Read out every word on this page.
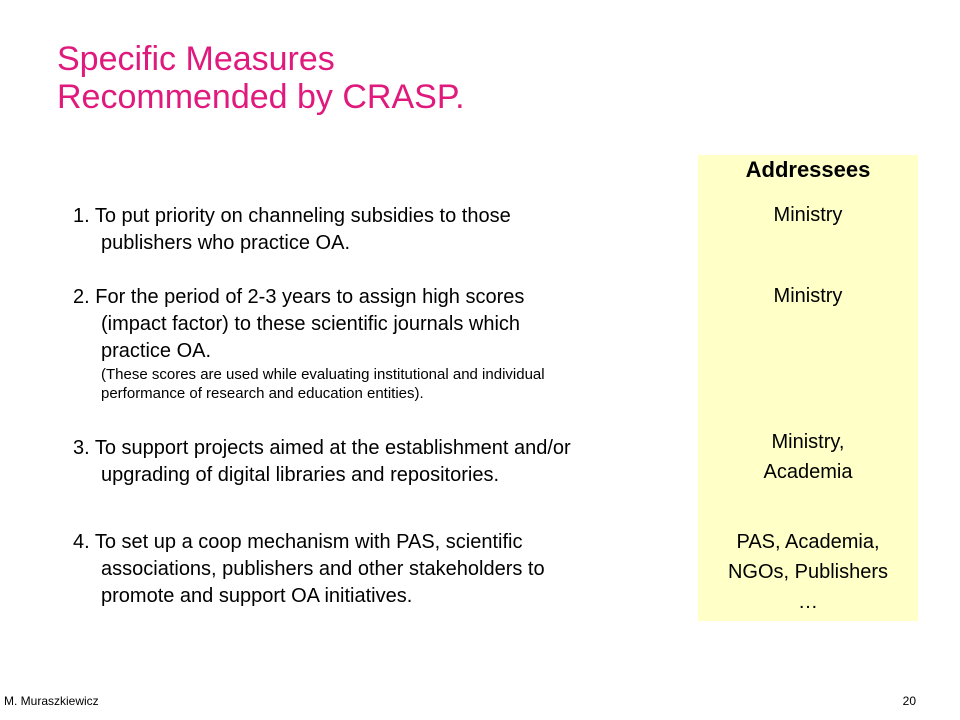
Specific Measures
Recommended by CRASP.
Addressees
Ministry
Ministry
Ministry,
Academia
PAS, Academia,
NGOs, Publishers
…
1. To put priority on channeling subsidies to those
publishers who practice OA.
2. For the period of 2-3 years to assign high scores
(impact factor) to these scientific journals which
practice OA.
(These scores are used while evaluating institutional and individual
performance of research and education entities).
3. To support projects aimed at the establishment and/or
upgrading of digital libraries and repositories.
4. To set up a coop mechanism with PAS, scientific
associations, publishers and other stakeholders to
promote and support OA initiatives.
M. Muraszkiewicz	20
